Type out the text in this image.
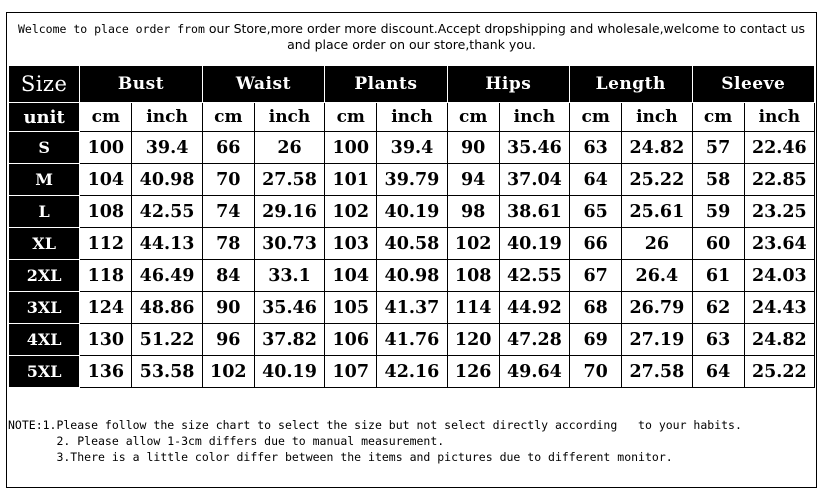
Welcome to place order from our Store,more order more discount.Accept dropshipping and wholesale,welcome to contact us
and place order on our store,thank you.
Size	Bust		Waist		Plants		Hips		Length		Sleeve	
unit	cm	inch	cm	inch	cm	inch	cm	inch	cm	inch	cm	inch
S	100	39.4	66	26	100	39.4	90	35.46	63	24.82	57	22.46
M	104	40.98	70	27.58	101	39.79	94	37.04	64	25.22	58	22.85
L	108	42.55	74	29.16	102	40.19	98	38.61	65	25.61	59	23.25
XL	112	44.13	78	30.73	103	40.58	102	40.19	66	26	60	23.64
2XL	118	46.49	84	33.1	104	40.98	108	42.55	67	26.4	61	24.03
3XL	124	48.86	90	35.46	105	41.37	114	44.92	68	26.79	62	24.43
4XL	130	51.22	96	37.82	106	41.76	120	47.28	69	27.19	63	24.82
5XL	136	53.58	102	40.19	107	42.16	126	49.64	70	27.58	64	25.22
NOTE:1.Please follow the size chart to select the size but not select directly according   to your habits.
2. Please allow 1-3cm differs due to manual measurement.
3.There is a little color differ between the items and pictures due to different monitor.
